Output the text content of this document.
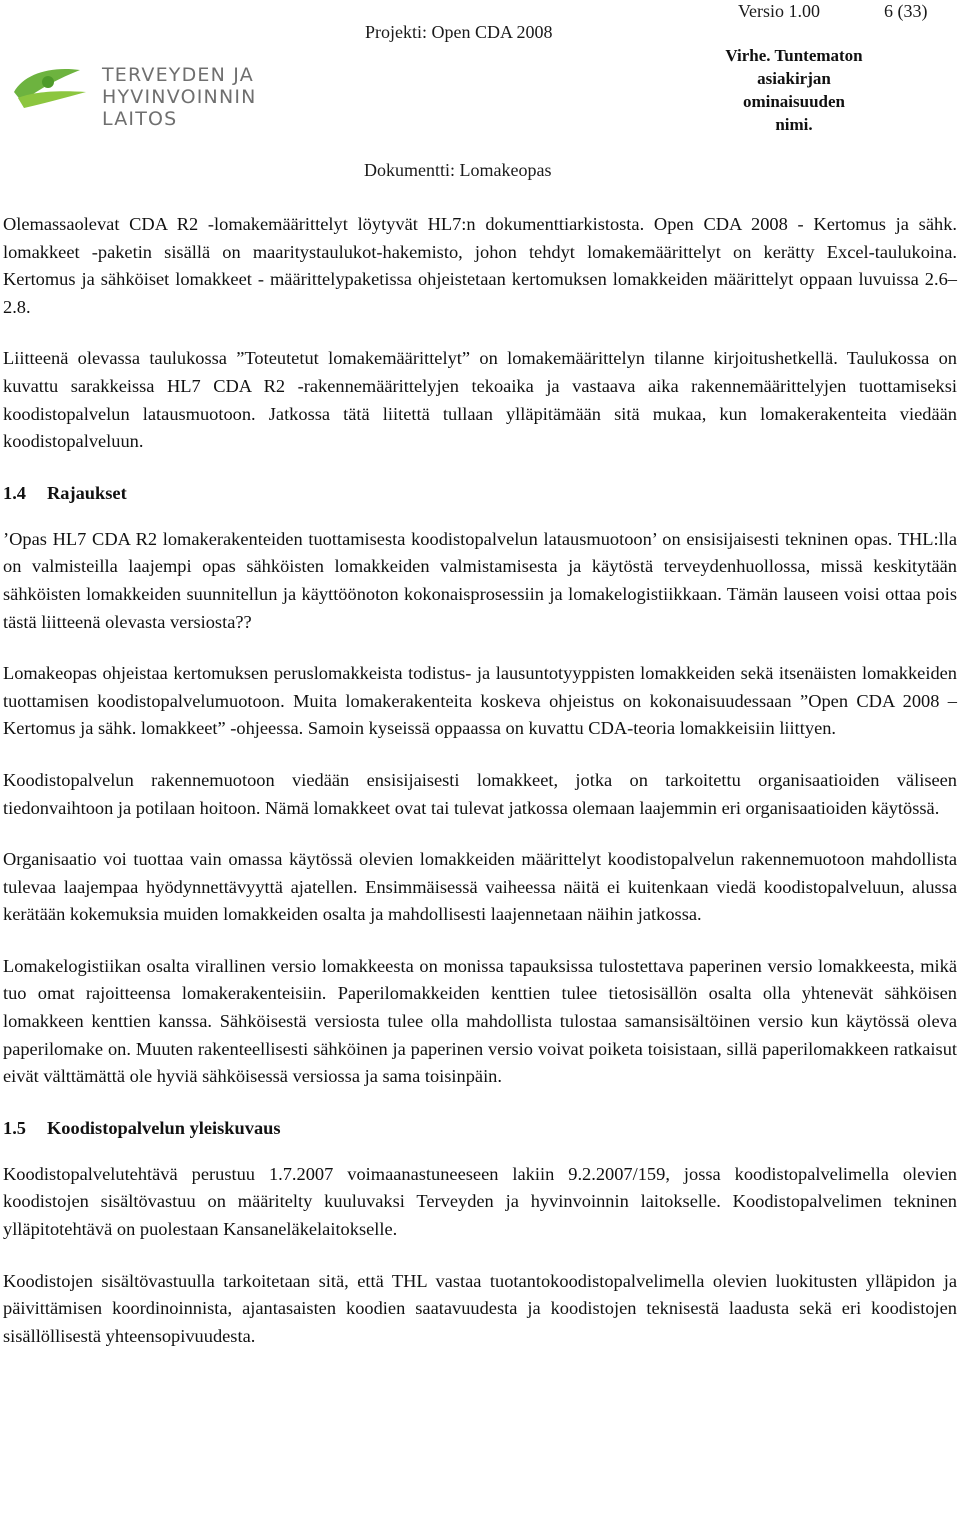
TERVEYDEN JA
HYVINVOINNIN LAITOS
Projekti: Open CDA 2008
Versio 1.00	6 (33)
Virhe. Tuntematon asiakirjan ominaisuuden nimi.
Dokumentti: Lomakeopas

Olemassaolevat CDA R2 -lomakemäärittelyt löytyvät HL7:n dokumenttiarkistosta. Open CDA 2008 - Kertomus ja sähk. lomakkeet -paketin sisällä on maaritystaulukot-hakemisto, johon tehdyt lomakemäärittelyt on kerätty Excel-taulukoina. Kertomus ja sähköiset lomakkeet - määrittelypaketissa ohjeistetaan kertomuksen lomakkeiden määrittelyt oppaan luvuissa 2.6–2.8.

Liitteenä olevassa taulukossa ”Toteutetut lomakemäärittelyt” on lomakemäärittelyn tilanne kirjoitushetkellä. Taulukossa on kuvattu sarakkeissa HL7 CDA R2 -rakennemäärittelyjen tekoaika ja vastaava aika rakennemäärittelyjen tuottamiseksi koodistopalvelun latausmuotoon. Jatkossa tätä liitettä tullaan ylläpitämään sitä mukaa, kun lomakerakenteita viedään koodistopalveluun.

1.4 Rajaukset

’Opas HL7 CDA R2 lomakerakenteiden tuottamisesta koodistopalvelun latausmuotoon’ on ensisijaisesti tekninen opas. THL:lla on valmisteilla laajempi opas sähköisten lomakkeiden valmistamisesta ja käytöstä terveydenhuollossa, missä keskitytään sähköisten lomakkeiden suunnitellun ja käyttöönoton kokonaisprosessiin ja lomakelogistiikkaan. Tämän lauseen voisi ottaa pois tästä liitteenä olevasta versiosta??

Lomakeopas ohjeistaa kertomuksen peruslomakkeista todistus- ja lausuntotyyppisten lomakkeiden sekä itsenäisten lomakkeiden tuottamisen koodistopalvelumuotoon. Muita lomakerakenteita koskeva ohjeistus on kokonaisuudessaan ”Open CDA 2008 – Kertomus ja sähk. lomakkeet” -ohjeessa. Samoin kyseissä oppaassa on kuvattu CDA-teoria lomakkeisiin liittyen.

Koodistopalvelun rakennemuotoon viedään ensisijaisesti lomakkeet, jotka on tarkoitettu organisaatioiden väliseen tiedonvaihtoon ja potilaan hoitoon. Nämä lomakkeet ovat tai tulevat jatkossa olemaan laajemmin eri organisaatioiden käytössä.

Organisaatio voi tuottaa vain omassa käytössä olevien lomakkeiden määrittelyt koodistopalvelun rakennemuotoon mahdollista tulevaa laajempaa hyödynnettävyyttä ajatellen. Ensimmäisessä vaiheessa näitä ei kuitenkaan viedä koodistopalveluun, alussa kerätään kokemuksia muiden lomakkeiden osalta ja mahdollisesti laajennetaan näihin jatkossa.

Lomakelogistiikan osalta virallinen versio lomakkeesta on monissa tapauksissa tulostettava paperinen versio lomakkeesta, mikä tuo omat rajoitteensa lomakerakenteisiin. Paperilomakkeiden kenttien tulee tietosisällön osalta olla yhtenevät sähköisen lomakkeen kenttien kanssa. Sähköisestä versiosta tulee olla mahdollista tulostaa samansisältöinen versio kun käytössä oleva paperilomake on. Muuten rakenteellisesti sähköinen ja paperinen versio voivat poiketa toisistaan, sillä paperilomakkeen ratkaisut eivät välttämättä ole hyviä sähköisessä versiossa ja sama toisinpäin.

1.5 Koodistopalvelun yleiskuvaus

Koodistopalvelutehtävä perustuu 1.7.2007 voimaanastuneeseen lakiin 9.2.2007/159, jossa koodistopalvelimella olevien koodistojen sisältövastuu on määritelty kuuluvaksi Terveyden ja hyvinvoinnin laitokselle. Koodistopalvelimen tekninen ylläpitotehtävä on puolestaan Kansaneläkelaitokselle.

Koodistojen sisältövastuulla tarkoitetaan sitä, että THL vastaa tuotantokoodistopalvelimella olevien luokitusten ylläpidon ja päivittämisen koordinoinnista, ajantasaisten koodien saatavuudesta ja koodistojen teknisestä laadusta sekä eri koodistojen sisällöllisestä yhteensopivuudesta.
